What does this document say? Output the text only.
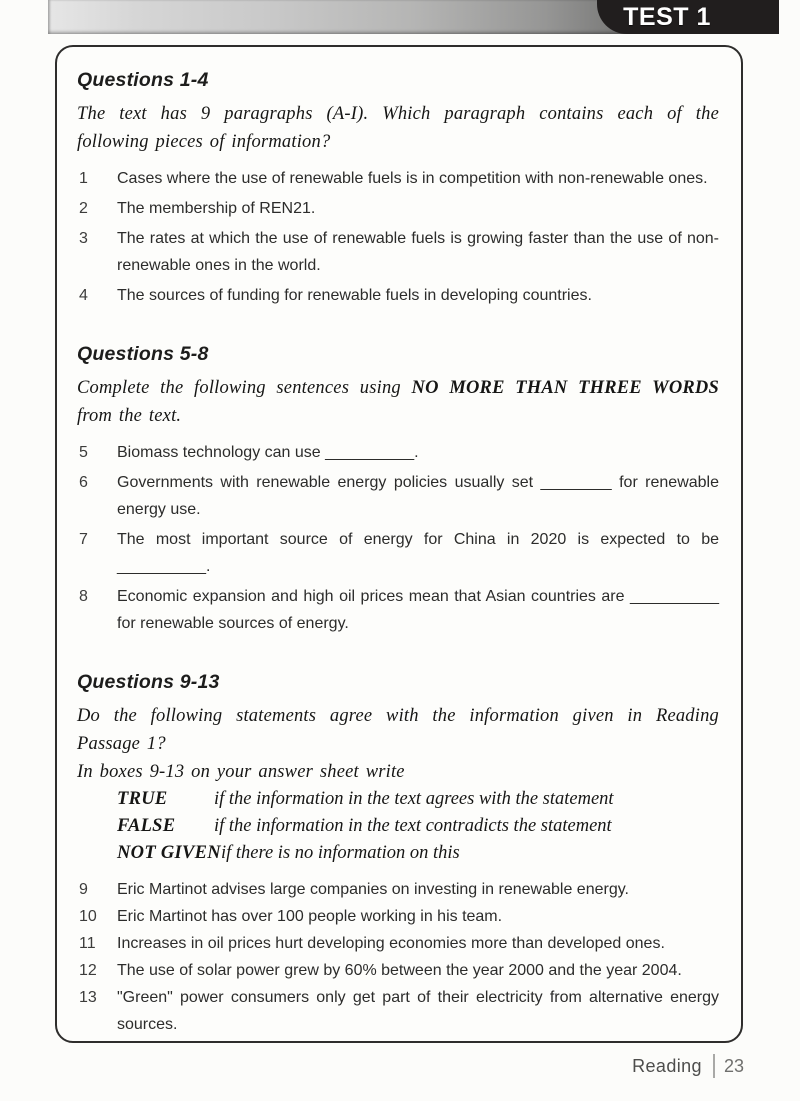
TEST 1
Questions 1-4

The text has 9 paragraphs (A-I). Which paragraph contains each of the following pieces of information?

1	Cases where the use of renewable fuels is in competition with non-renewable ones.
2	The membership of REN21.
3	The rates at which the use of renewable fuels is growing faster than the use of non-renewable ones in the world.
4	The sources of funding for renewable fuels in developing countries.
Questions 5-8

Complete the following sentences using NO MORE THAN THREE WORDS from the text.

5	Biomass technology can use __________.
6	Governments with renewable energy policies usually set ________ for renewable energy use.
7	The most important source of energy for China in 2020 is expected to be __________.
8	Economic expansion and high oil prices mean that Asian countries are __________ for renewable sources of energy.
Questions 9-13

Do the following statements agree with the information given in Reading Passage 1?

In boxes 9-13 on your answer sheet write

TRUE	if the information in the text agrees with the statement
FALSE if the information in the text contradicts the statement
NOT GIVENif there is no information on this
9	Eric Martinot advises large companies on investing in renewable energy.
10	Eric Martinot has over 100 people working in his team.
11	Increases in oil prices hurt developing economies more than developed ones.
12	The use of solar power grew by 60% between the year 2000 and the year 2004.
13	"Green" power consumers only get part of their electricity from alternative energy sources.
Reading 23
